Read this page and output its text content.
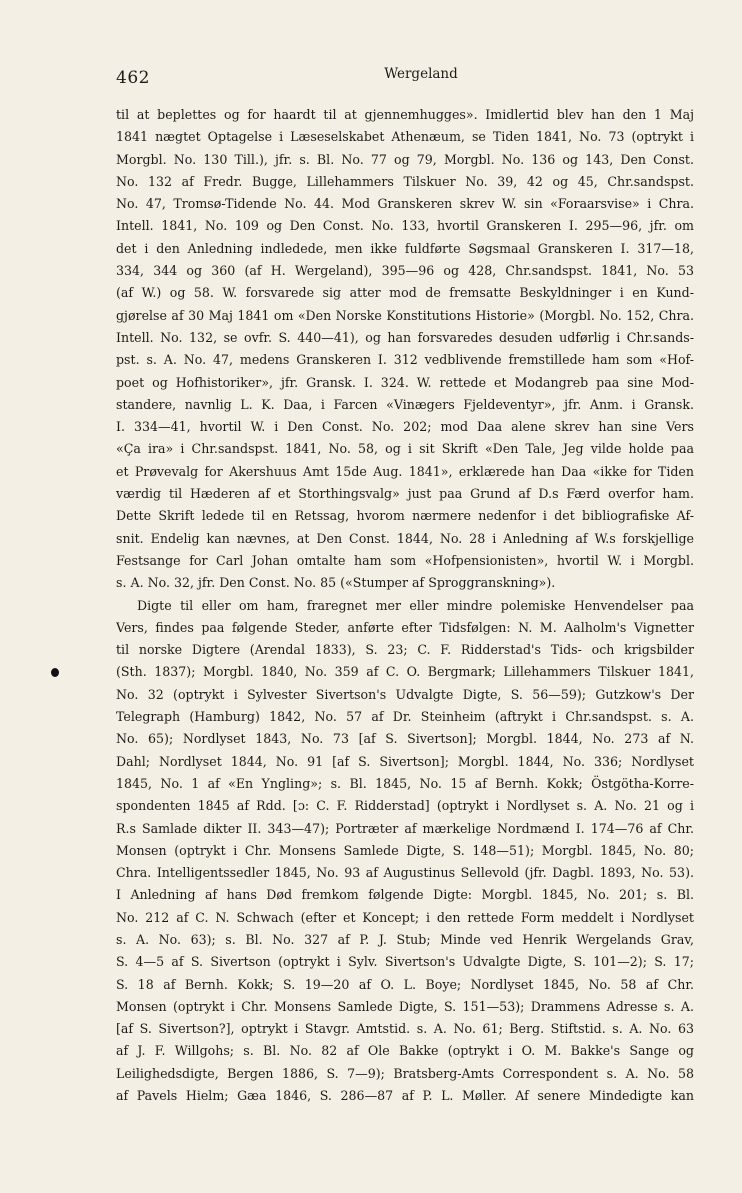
462	Wergeland
til at beplettes og for haardt til at gjennemhugges». Imidlertid blev han den 1 Maj
1841 nægtet Optagelse i Læseselskabet Athenæum, se Tiden 1841, No. 73 (optrykt i
Morgbl. No. 130 Till.), jfr. s. Bl. No. 77 og 79, Morgbl. No. 136 og 143, Den Const.
No. 132 af Fredr. Bugge, Lillehammers Tilskuer No. 39, 42 og 45, Chr.sandspst.
No. 47, Tromsø-Tidende No. 44. Mod Granskeren skrev W. sin «Foraarsvise» i Chra.
Intell. 1841, No. 109 og Den Const. No. 133, hvortil Granskeren I. 295—96, jfr. om
det i den Anledning indledede, men ikke fuldførte Søgsmaal Granskeren I. 317—18,
334, 344 og 360 (af H. Wergeland), 395—96 og 428, Chr.sandspst. 1841, No. 53
(af W.) og 58. W. forsvarede sig atter mod de fremsatte Beskyldninger i en Kund-
gjørelse af 30 Maj 1841 om «Den Norske Konstitutions Historie» (Morgbl. No. 152, Chra.
Intell. No. 132, se ovfr. S. 440—41), og han forsvaredes desuden udførlig i Chr.sands-
pst. s. A. No. 47, medens Granskeren I. 312 vedblivende fremstillede ham som «Hof-
poet og Hofhistoriker», jfr. Gransk. I. 324. W. rettede et Modangreb paa sine Mod-
standere, navnlig L. K. Daa, i Farcen «Vinægers Fjeldeventyr», jfr. Anm. i Gransk.
I. 334—41, hvortil W. i Den Const. No. 202; mod Daa alene skrev han sine Vers
«Ça ira» i Chr.sandspst. 1841, No. 58, og i sit Skrift «Den Tale, Jeg vilde holde paa
et Prøvevalg for Akershuus Amt 15de Aug. 1841», erklærede han Daa «ikke for Tiden
værdig til Hæderen af et Storthingsvalg» just paa Grund af D.s Færd overfor ham.
Dette Skrift ledede til en Retssag, hvorom nærmere nedenfor i det bibliografiske Af-
snit. Endelig kan nævnes, at Den Const. 1844, No. 28 i Anledning af W.s forskjellige
Festsange for Carl Johan omtalte ham som «Hofpensionisten», hvortil W. i Morgbl.
s. A. No. 32, jfr. Den Const. No. 85 («Stumper af Sproggranskning»).
Digte til eller om ham, fraregnet mer eller mindre polemiske Henvendelser paa
Vers, findes paa følgende Steder, anførte efter Tidsfølgen: N. M. Aalholm's Vignetter
til norske Digtere (Arendal 1833), S. 23; C. F. Ridderstad's Tids- och krigsbilder
(Sth. 1837); Morgbl. 1840, No. 359 af C. O. Bergmark; Lillehammers Tilskuer 1841,
No. 32 (optrykt i Sylvester Sivertson's Udvalgte Digte, S. 56—59); Gutzkow's Der
Telegraph (Hamburg) 1842, No. 57 af Dr. Steinheim (aftrykt i Chr.sandspst. s. A.
No. 65); Nordlyset 1843, No. 73 [af S. Sivertson]; Morgbl. 1844, No. 273 af N.
Dahl; Nordlyset 1844, No. 91 [af S. Sivertson]; Morgbl. 1844, No. 336; Nordlyset
1845, No. 1 af «En Yngling»; s. Bl. 1845, No. 15 af Bernh. Kokk; Östgötha-Korre-
spondenten 1845 af Rdd. [ɔ: C. F. Ridderstad] (optrykt i Nordlyset s. A. No. 21 og i
R.s Samlade dikter II. 343—47); Portræter af mærkelige Nordmænd I. 174—76 af Chr.
Monsen (optrykt i Chr. Monsens Samlede Digte, S. 148—51); Morgbl. 1845, No. 80;
Chra. Intelligentssedler 1845, No. 93 af Augustinus Sellevold (jfr. Dagbl. 1893, No. 53).
I Anledning af hans Død fremkom følgende Digte: Morgbl. 1845, No. 201; s. Bl.
No. 212 af C. N. Schwach (efter et Koncept; i den rettede Form meddelt i Nordlyset
s. A. No. 63); s. Bl. No. 327 af P. J. Stub; Minde ved Henrik Wergelands Grav,
S. 4—5 af S. Sivertson (optrykt i Sylv. Sivertson's Udvalgte Digte, S. 101—2); S. 17;
S. 18 af Bernh. Kokk; S. 19—20 af O. L. Boye; Nordlyset 1845, No. 58 af Chr.
Monsen (optrykt i Chr. Monsens Samlede Digte, S. 151—53); Drammens Adresse s. A.
[af S. Sivertson?], optrykt i Stavgr. Amtstid. s. A. No. 61; Berg. Stiftstid. s. A. No. 63
af J. F. Willgohs; s. Bl. No. 82 af Ole Bakke (optrykt i O. M. Bakke's Sange og
Leilighedsdigte, Bergen 1886, S. 7—9); Bratsberg-Amts Correspondent s. A. No. 58
af Pavels Hielm; Gæa 1846, S. 286—87 af P. L. Møller. Af senere Mindedigte kan
